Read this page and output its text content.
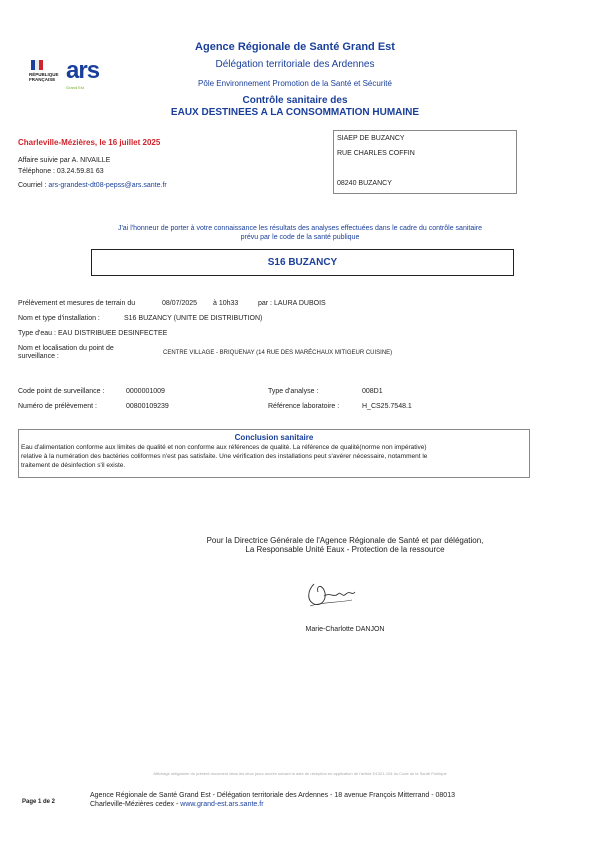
RÉPUBLIQUE
FRANÇAISE ars
Grand Est
Agence Régionale de Santé Grand Est
Délégation territoriale des Ardennes
Pôle Environnement Promotion de la Santé et Sécurité
Contrôle sanitaire des
EAUX DESTINEES A LA CONSOMMATION HUMAINE
Charleville-Mézières, le 16 juillet 2025
Affaire suivie par A. NIVAILLE
Téléphone : 03.24.59.81 63
Courriel : ars-grandest-dt08-pepss@ars.sante.fr
SIAEP DE BUZANCY
RUE CHARLES COFFIN
08240 BUZANCY
J'ai l'honneur de porter à votre connaissance les résultats des analyses effectuées dans le cadre du contrôle sanitaire
prévu par le code de la santé publique
S16 BUZANCY
Prélèvement et mesures de terrain du	08/07/2025 à 10h33	par : LAURA DUBOIS
Nom et type d'installation :	S16 BUZANCY (UNITE DE DISTRIBUTION)
Type d'eau : EAU DISTRIBUEE DESINFECTEE
Nom et localisation du point de
surveillance :	CENTRE VILLAGE - BRIQUENAY (14 RUE DES MARÉCHAUX MITIGEUR CUISINE)
Code point de surveillance :	0000001009	Type d'analyse :	008D1
Numéro de prélèvement :	00800109239	Référence laboratoire :	H_CS25.7548.1
Conclusion sanitaire
Eau d'alimentation conforme aux limites de qualité et non conforme aux références de qualité. La référence de qualité(norme non impérative)
relative à la numération des bactéries coliformes n'est pas satisfaite. Une vérification des installations peut s'avérer nécessaire, notamment le
traitement de désinfection s'il existe.
Pour la Directrice Générale de l'Agence Régionale de Santé et par délégation,
La Responsable Unité Eaux - Protection de la ressource
Marie-Charlotte DANJON
Affichage obligatoire du présent document dans les deux jours ouvrés suivant la date de réception en application de l'article D1321-104 du Code de la Santé Publique
Page 1 de 2
Agence Régionale de Santé Grand Est - Délégation territoriale des Ardennes - 18 avenue François Mitterrand - 08013
Charleville-Mézières cedex - www.grand-est.ars.sante.fr
